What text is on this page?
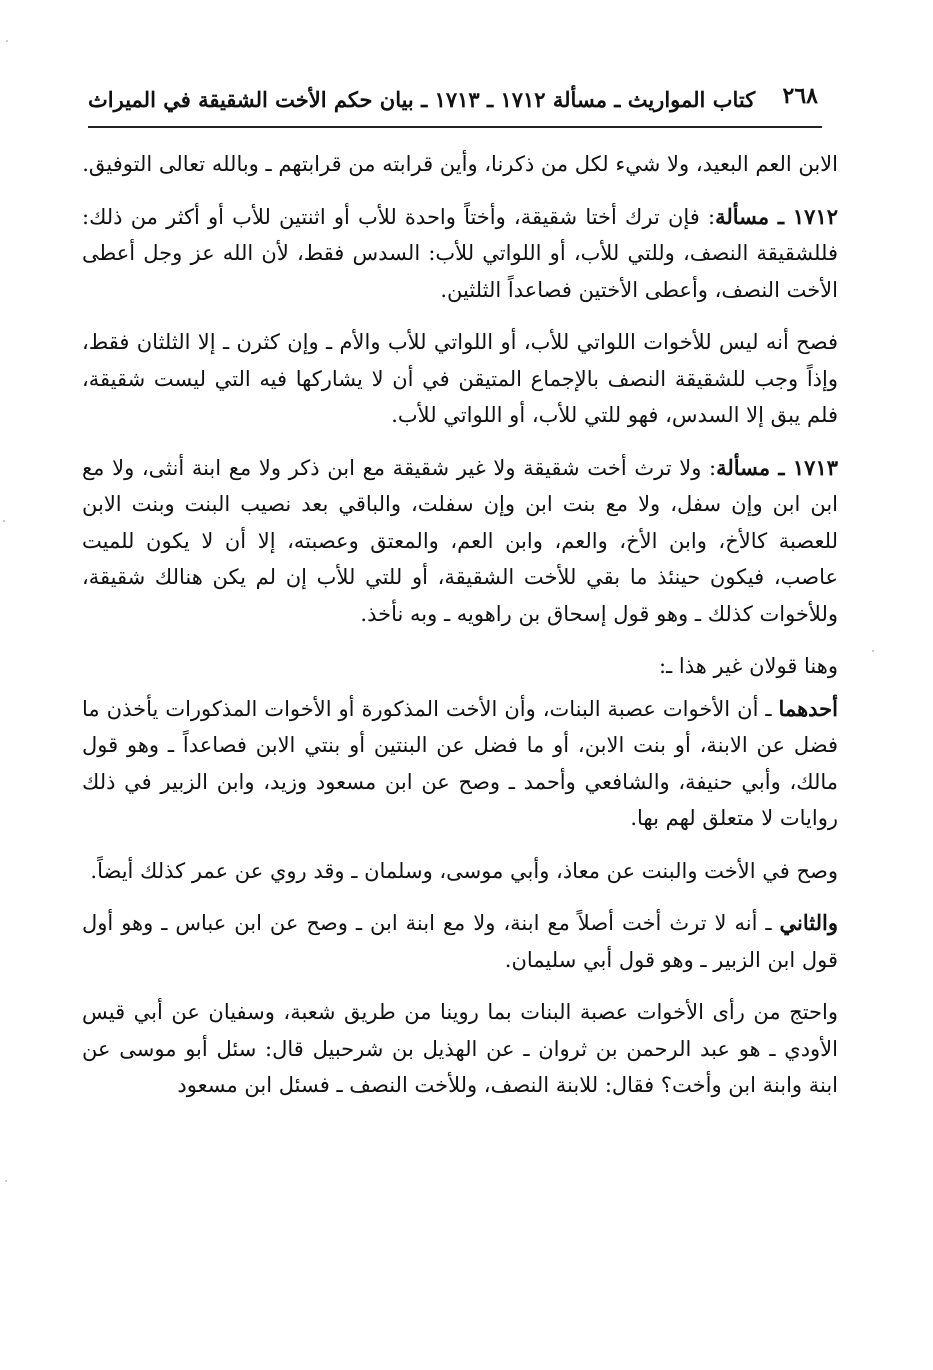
٢٦٨
كتاب المواريث ـ مسألة ١٧١٢ ـ ١٧١٣ ـ بيان حكم الأخت الشقيقة في الميراث

الابن العم البعيد، ولا شيء لكل من ذكرنا، وأين قرابته من قرابتهم ـ وبالله تعالى التوفيق.

١٧١٢ ـ مسألة: فإن ترك أختا شقيقة، وأختاً واحدة للأب أو اثنتين للأب أو أكثر من ذلك: فللشقيقة النصف، وللتي للأب، أو اللواتي للأب: السدس فقط، لأن الله عز وجل أعطى الأخت النصف، وأعطى الأختين فصاعداً الثلثين.

فصح أنه ليس للأخوات اللواتي للأب، أو اللواتي للأب والأم ـ وإن كثرن ـ إلا الثلثان فقط، وإذاً وجب للشقيقة النصف بالإجماع المتيقن في أن لا يشاركها فيه التي ليست شقيقة، فلم يبق إلا السدس، فهو للتي للأب، أو اللواتي للأب.

١٧١٣ ـ مسألة: ولا ترث أخت شقيقة ولا غير شقيقة مع ابن ذكر ولا مع ابنة أنثى، ولا مع ابن ابن وإن سفل، ولا مع بنت ابن وإن سفلت، والباقي بعد نصيب البنت وبنت الابن للعصبة كالأخ، وابن الأخ، والعم، وابن العم، والمعتق وعصبته، إلا أن لا يكون للميت عاصب، فيكون حينئذ ما بقي للأخت الشقيقة، أو للتي للأب إن لم يكن هنالك شقيقة، وللأخوات كذلك ـ وهو قول إسحاق بن راهويه ـ وبه نأخذ.

وهنا قولان غير هذا ـ:

أحدهما ـ أن الأخوات عصبة البنات، وأن الأخت المذكورة أو الأخوات المذكورات يأخذن ما فضل عن الابنة، أو بنت الابن، أو ما فضل عن البنتين أو بنتي الابن فصاعداً ـ وهو قول مالك، وأبي حنيفة، والشافعي وأحمد ـ وصح عن ابن مسعود وزيد، وابن الزبير في ذلك روايات لا متعلق لهم بها.

وصح في الأخت والبنت عن معاذ، وأبي موسى، وسلمان ـ وقد روي عن عمر كذلك أيضاً.

والثاني ـ أنه لا ترث أخت أصلاً مع ابنة، ولا مع ابنة ابن ـ وصح عن ابن عباس ـ وهو أول قول ابن الزبير ـ وهو قول أبي سليمان.

واحتج من رأى الأخوات عصبة البنات بما روينا من طريق شعبة، وسفيان عن أبي قيس الأودي ـ هو عبد الرحمن بن ثروان ـ عن الهذيل بن شرحبيل قال: سئل أبو موسى عن ابنة وابنة ابن وأخت؟ فقال: للابنة النصف، وللأخت النصف ـ فسئل ابن مسعود
